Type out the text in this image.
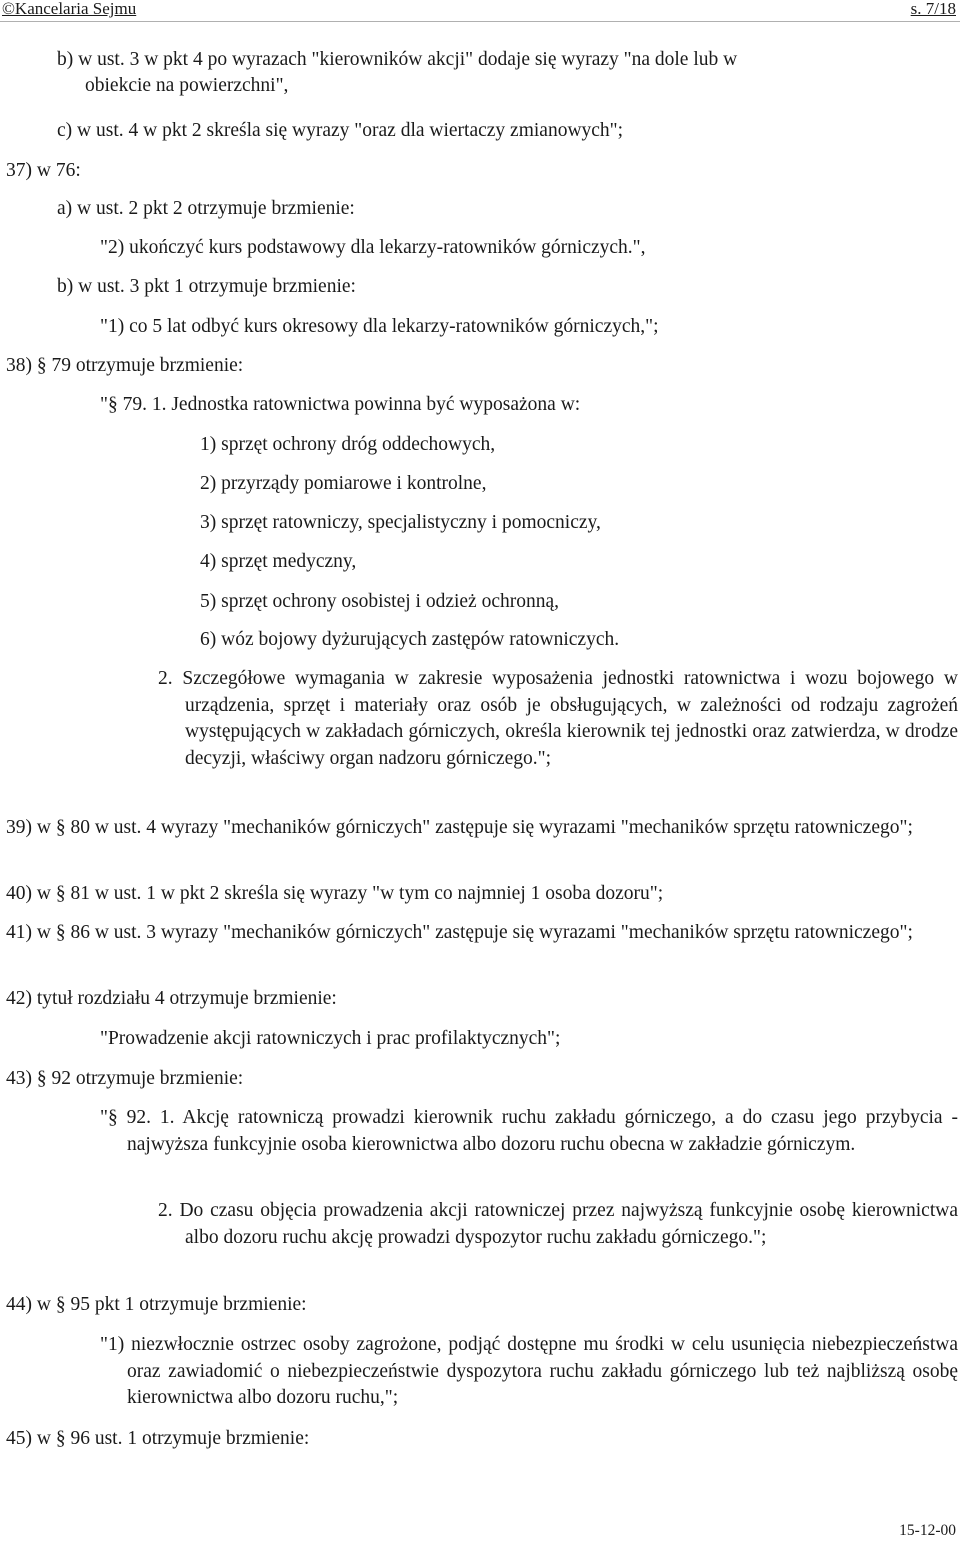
©Kancelaria Sejmu	s. 7/18
b) w ust. 3 w pkt 4 po wyrazach "kierowników akcji" dodaje się wyrazy "na dole lub w
obiekcie na powierzchni",
c) w ust. 4 w pkt 2 skreśla się wyrazy "oraz dla wiertaczy zmianowych";
37) w 76:
a) w ust. 2 pkt 2 otrzymuje brzmienie:
"2) ukończyć kurs podstawowy dla lekarzy-ratowników górniczych.",
b) w ust. 3 pkt 1 otrzymuje brzmienie:
"1) co 5 lat odbyć kurs okresowy dla lekarzy-ratowników górniczych,";
38) § 79 otrzymuje brzmienie:
"§ 79. 1. Jednostka ratownictwa powinna być wyposażona w:
1) sprzęt ochrony dróg oddechowych,
2) przyrządy pomiarowe i kontrolne,
3) sprzęt ratowniczy, specjalistyczny i pomocniczy,
4) sprzęt medyczny,
5) sprzęt ochrony osobistej i odzież ochronną,
6) wóz bojowy dyżurujących zastępów ratowniczych.
2. Szczegółowe wymagania w zakresie wyposażenia jednostki ratownictwa i wozu bojowego w urządzenia, sprzęt i materiały oraz osób je obsługujących, w zależności od rodzaju zagrożeń występujących w zakładach górniczych, określa kierownik tej jednostki oraz zatwierdza, w drodze decyzji, właściwy organ nadzoru górniczego.";
39) w § 80 w ust. 4 wyrazy "mechaników górniczych" zastępuje się wyrazami "mechaników sprzętu ratowniczego";
40) w § 81 w ust. 1 w pkt 2 skreśla się wyrazy "w tym co najmniej 1 osoba dozoru";
41) w § 86 w ust. 3 wyrazy "mechaników górniczych" zastępuje się wyrazami "mechaników sprzętu ratowniczego";
42) tytuł rozdziału 4 otrzymuje brzmienie:
"Prowadzenie akcji ratowniczych i prac profilaktycznych";
43) § 92 otrzymuje brzmienie:
"§ 92. 1. Akcję ratowniczą prowadzi kierownik ruchu zakładu górniczego, a do czasu jego przybycia - najwyższa funkcyjnie osoba kierownictwa albo dozoru ruchu obecna w zakładzie górniczym.
2. Do czasu objęcia prowadzenia akcji ratowniczej przez najwyższą funkcyjnie osobę kierownictwa albo dozoru ruchu akcję prowadzi dyspozytor ruchu zakładu górniczego.";
44) w § 95 pkt 1 otrzymuje brzmienie:
"1) niezwłocznie ostrzec osoby zagrożone, podjąć dostępne mu środki w celu usunięcia niebezpieczeństwa oraz zawiadomić o niebezpieczeństwie dyspozytora ruchu zakładu górniczego lub też najbliższą osobę kierownictwa albo dozoru ruchu,";
45) w § 96 ust. 1 otrzymuje brzmienie:
15-12-00
